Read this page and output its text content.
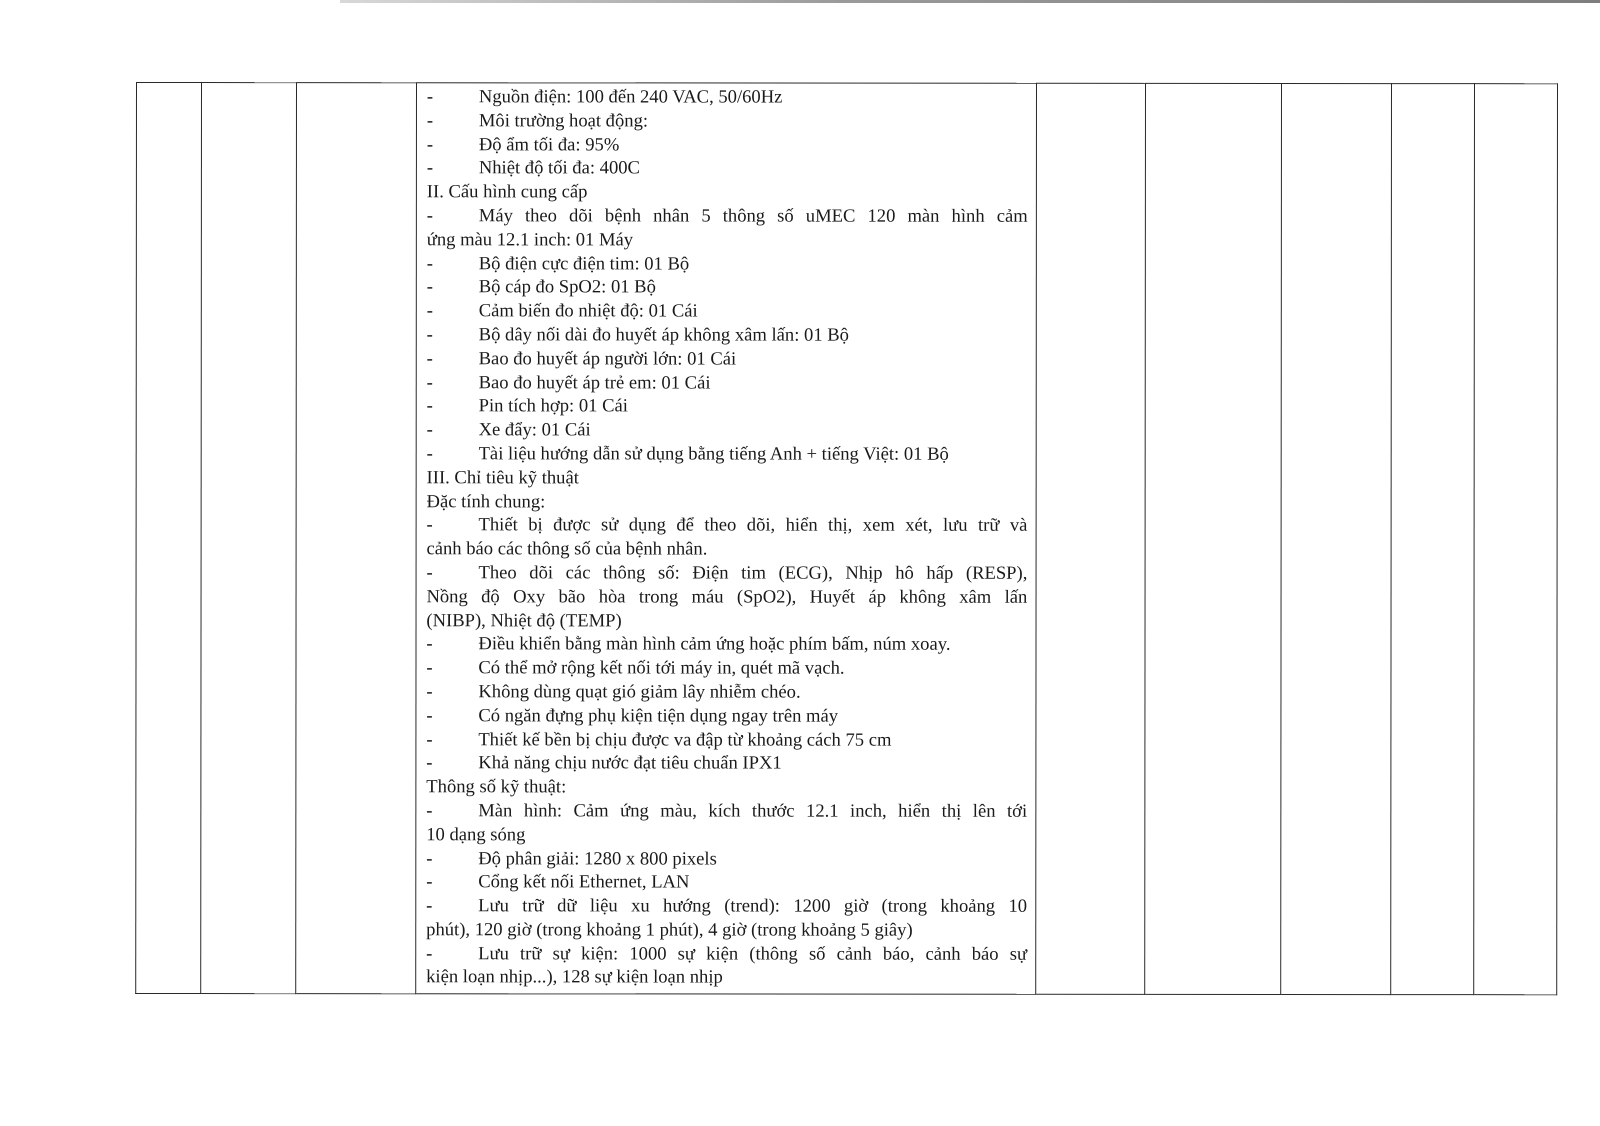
- Nguồn điện: 100 đến 240 VAC, 50/60Hz
- Môi trường hoạt động:
- Độ ẩm tối đa: 95%
- Nhiệt độ tối đa: 400C
II. Cấu hình cung cấp
- Máy theo dõi bệnh nhân 5 thông số uMEC 120 màn hình cảm
ứng màu 12.1 inch: 01 Máy
- Bộ điện cực điện tim: 01 Bộ
- Bộ cáp đo SpO2: 01 Bộ
- Cảm biến đo nhiệt độ: 01 Cái
- Bộ dây nối dài đo huyết áp không xâm lấn: 01 Bộ
- Bao đo huyết áp người lớn: 01 Cái
- Bao đo huyết áp trẻ em: 01 Cái
- Pin tích hợp: 01 Cái
- Xe đẩy: 01 Cái
- Tài liệu hướng dẫn sử dụng bằng tiếng Anh + tiếng Việt: 01 Bộ
III. Chỉ tiêu kỹ thuật
Đặc tính chung:
- Thiết bị được sử dụng để theo dõi, hiển thị, xem xét, lưu trữ và
cảnh báo các thông số của bệnh nhân.
- Theo dõi các thông số: Điện tim (ECG), Nhịp hô hấp (RESP),
Nồng độ Oxy bão hòa trong máu (SpO2), Huyết áp không xâm lấn
(NIBP), Nhiệt độ (TEMP)
- Điều khiển bằng màn hình cảm ứng hoặc phím bấm, núm xoay.
- Có thể mở rộng kết nối tới máy in, quét mã vạch.
- Không dùng quạt gió giảm lây nhiễm chéo.
- Có ngăn đựng phụ kiện tiện dụng ngay trên máy
- Thiết kế bền bị chịu được va đập từ khoảng cách 75 cm
- Khả năng chịu nước đạt tiêu chuẩn IPX1
Thông số kỹ thuật:
- Màn hình: Cảm ứng màu, kích thước 12.1 inch, hiển thị lên tới
10 dạng sóng
- Độ phân giải: 1280 x 800 pixels
- Cổng kết nối Ethernet, LAN
- Lưu trữ dữ liệu xu hướng (trend): 1200 giờ (trong khoảng 10
phút), 120 giờ (trong khoảng 1 phút), 4 giờ (trong khoảng 5 giây)
- Lưu trữ sự kiện: 1000 sự kiện (thông số cảnh báo, cảnh báo sự
kiện loạn nhịp...), 128 sự kiện loạn nhịp
